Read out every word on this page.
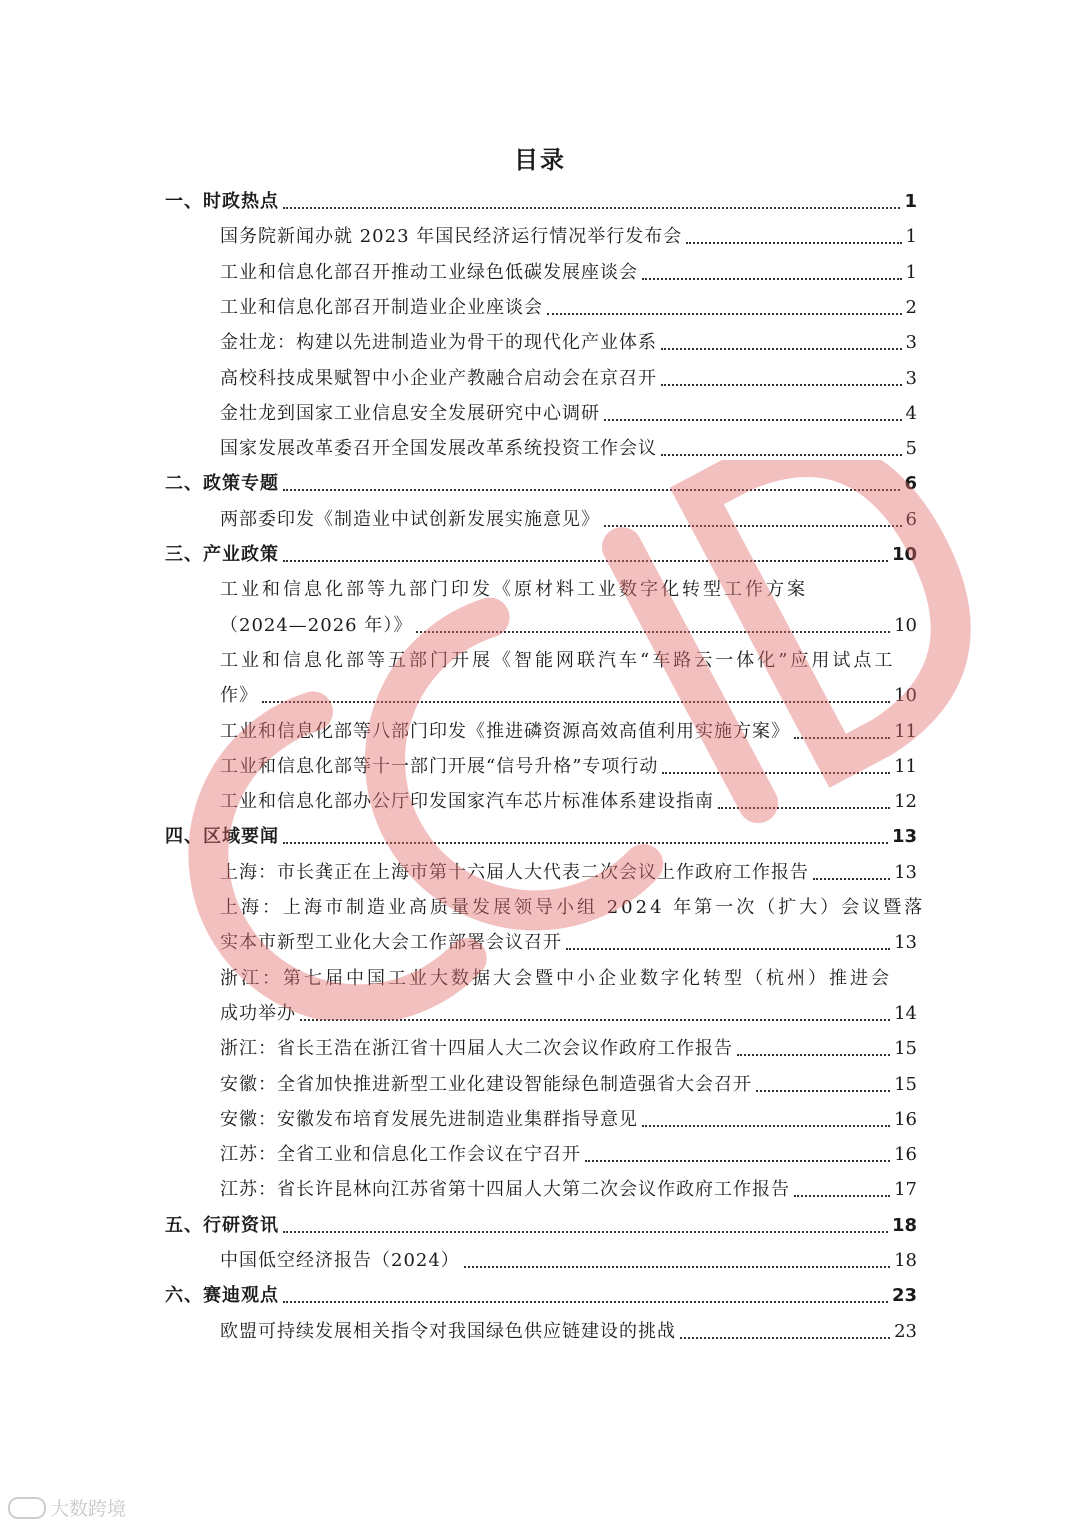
目录
一、时政热点	1
国务院新闻办就 2023 年国民经济运行情况举行发布会	1
工业和信息化部召开推动工业绿色低碳发展座谈会	1
工业和信息化部召开制造业企业座谈会	2
金壮龙：构建以先进制造业为骨干的现代化产业体系	3
高校科技成果赋智中小企业产教融合启动会在京召开	3
金壮龙到国家工业信息安全发展研究中心调研	4
国家发展改革委召开全国发展改革系统投资工作会议	5
二、政策专题	6
两部委印发《制造业中试创新发展实施意见》	6
三、产业政策	10
工业和信息化部等九部门印发《原材料工业数字化转型工作方案
（2024—2026 年）》	10
工业和信息化部等五部门开展《智能网联汽车“车路云一体化”应用试点工
作》	10
工业和信息化部等八部门印发《推进磷资源高效高值利用实施方案》	11
工业和信息化部等十一部门开展“信号升格”专项行动	11
工业和信息化部办公厅印发国家汽车芯片标准体系建设指南	12
四、区域要闻	13
上海：市长龚正在上海市第十六届人大代表二次会议上作政府工作报告	13
上海：上海市制造业高质量发展领导小组 2024 年第一次（扩大）会议暨落
实本市新型工业化大会工作部署会议召开	13
浙江：第七届中国工业大数据大会暨中小企业数字化转型（杭州）推进会
成功举办	14
浙江：省长王浩在浙江省十四届人大二次会议作政府工作报告	15
安徽：全省加快推进新型工业化建设智能绿色制造强省大会召开	15
安徽：安徽发布培育发展先进制造业集群指导意见	16
江苏：全省工业和信息化工作会议在宁召开	16
江苏：省长许昆林向江苏省第十四届人大第二次会议作政府工作报告	17
五、行研资讯	18
中国低空经济报告（2024）	18
六、赛迪观点	23
欧盟可持续发展相关指令对我国绿色供应链建设的挑战	23
大数跨境
